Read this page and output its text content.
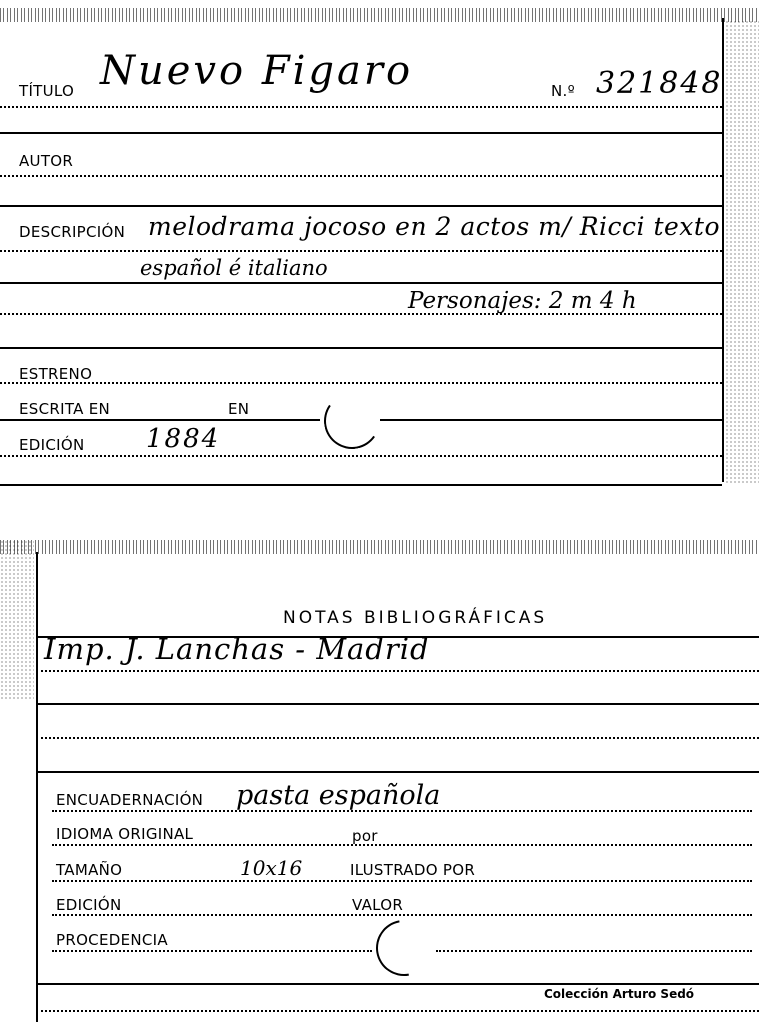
TÍTULO Nuevo Figaro	N.º 321848
AUTOR
DESCRIPCIÓN melodrama jocoso en 2 actos m/ Ricci texto
español é italiano
Personajes: 2 m 4 h
ESTRENO
ESCRITA EN	EN
EDICIÓN 1884
NOTAS BIBLIOGRÁFICAS
Imp. J. Lanchas - Madrid
ENCUADERNACIÓN pasta española
IDIOMA ORIGINAL	por
TAMAÑO	10x16	ILUSTRADO POR
EDICIÓN	VALOR
PROCEDENCIA
Colección Arturo Sedó
